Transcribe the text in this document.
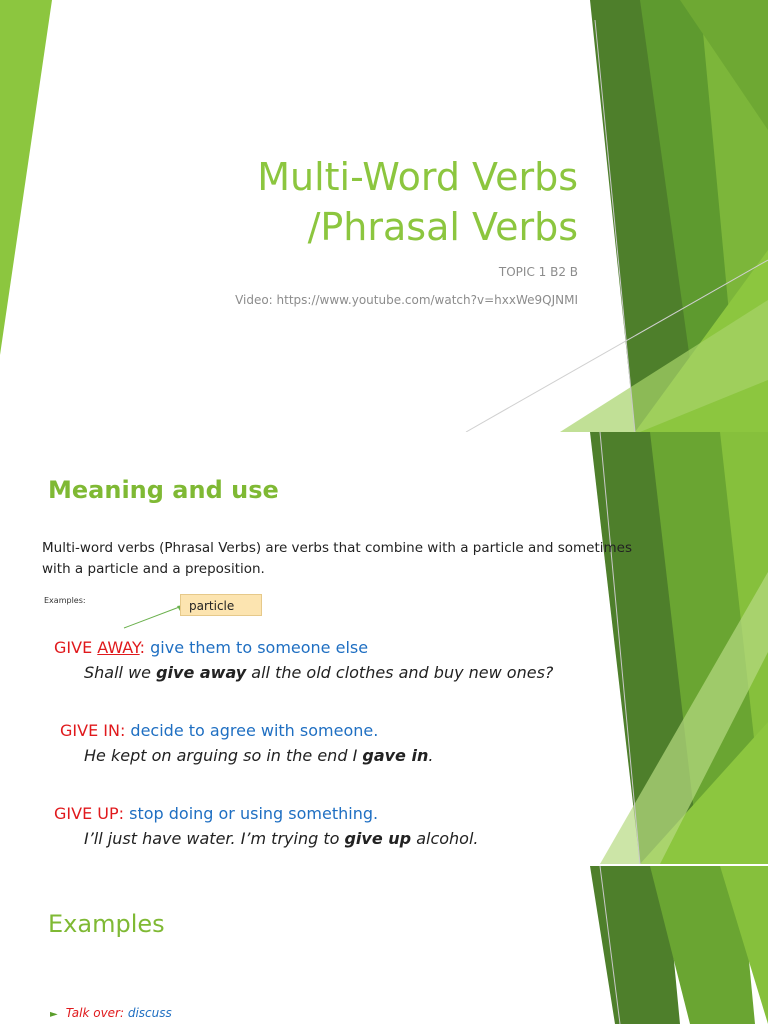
Multi-Word Verbs
/Phrasal Verbs
TOPIC 1 B2 B
Video: https://www.youtube.com/watch?v=hxxWe9QJNMI
Meaning and use

Multi-word verbs (Phrasal Verbs) are verbs that combine with a particle and sometimes with a particle and a preposition.

Examples:	particle
GIVE AWAY: give them to someone else
Shall we give away all the old clothes and buy new ones?
GIVE IN: decide to agree with someone.
He kept on arguing so in the end I gave in.
GIVE UP: stop doing or using something.
I’ll just have water. I’m trying to give up alcohol.
Examples
► Talk over: discuss
